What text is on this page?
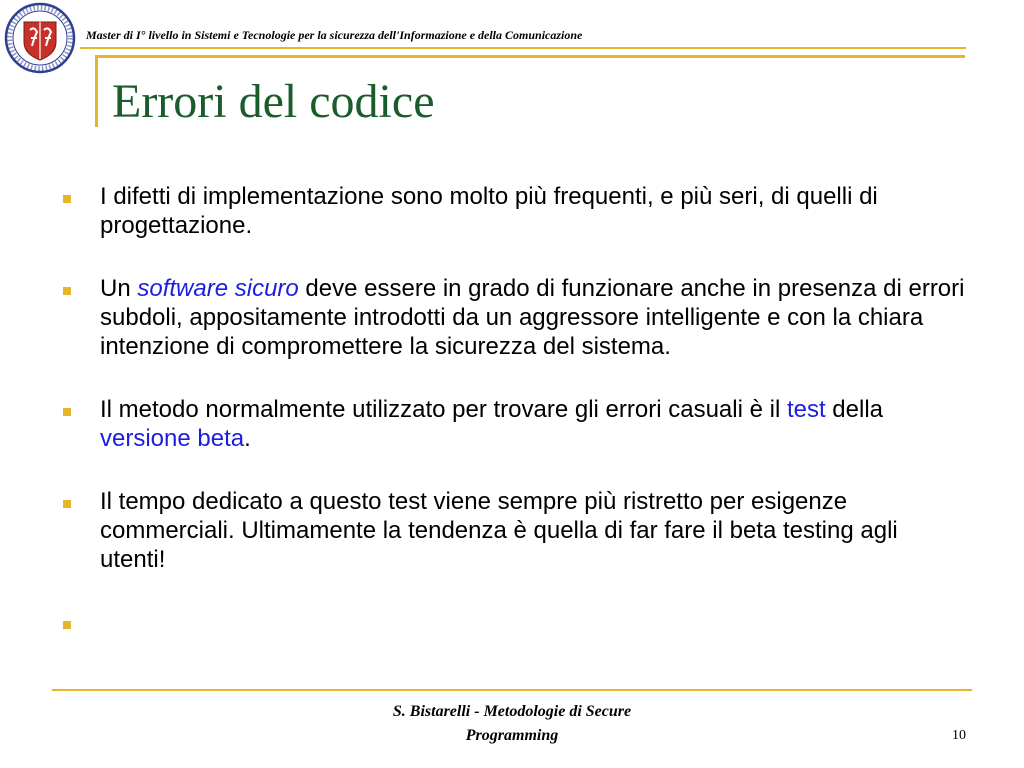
Master di I° livello in Sistemi e Tecnologie per la sicurezza dell'Informazione e della Comunicazione
Errori del codice
I difetti di implementazione sono molto più frequenti, e più seri, di quelli di progettazione.
Un software sicuro deve essere in grado di funzionare anche in presenza di errori subdoli, appositamente introdotti da un aggressore intelligente e con la chiara intenzione di compromettere la sicurezza del sistema.
Il metodo normalmente utilizzato per trovare gli errori casuali è il test della versione beta.
Il tempo dedicato a questo test viene sempre più ristretto per esigenze commerciali. Ultimamente la tendenza è quella di far fare il beta testing agli utenti!
S. Bistarelli - Metodologie di Secure
Programming	10
